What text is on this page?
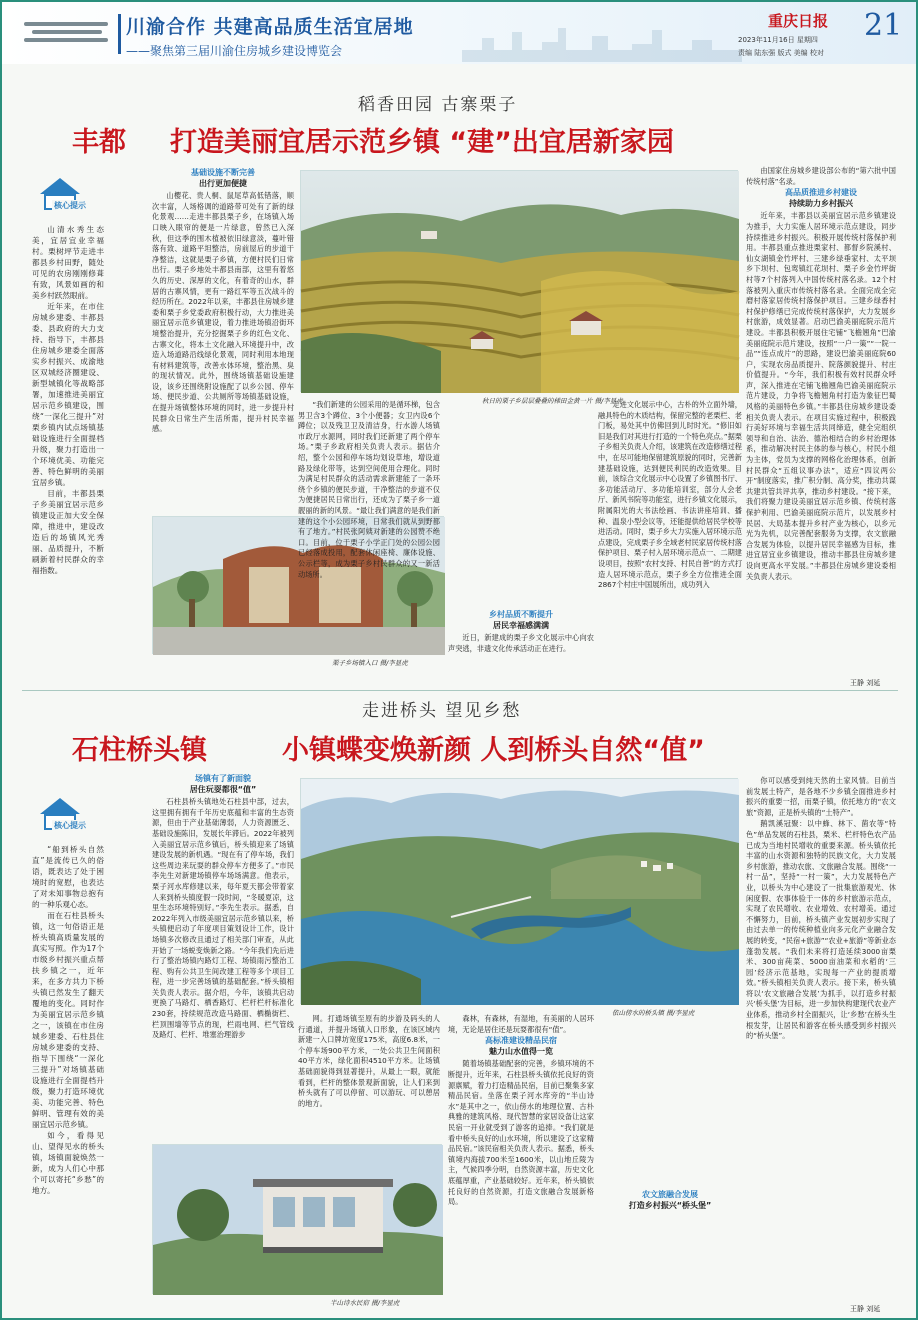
川渝合作 共建高品质生活宜居地
——聚焦第三届川渝住房城乡建设博览会
重庆日报 21
2023年11月16日 星期四
责编 陆东强 版式 美编 校对
稻香田园 古寨栗子
丰都 打造美丽宜居示范乡镇 “建”出宜居新家园
核心提示

山清水秀生态美，宜居宜业幸福村。栗树坪节走进丰都县乡村田野，随处可见的农房刚刚修葺有致，风景如画的和美乡村跃然眼前。

近年来，在市住房城乡建委、丰都县委、县政府的大力支持、指导下，丰都县住房城乡建委全面落实乡村振兴、成渝地区双城经济圈建设、新型城镇化等战略部署，加速推进美丽宜居示范乡镇建设，围绕“一深化三提升”对栗乡镇内试点场镇基础设施进行全面提档升级，聚力打造出一个环境优美、功能完善、特色鲜明的美丽宜居乡镇。

目前，丰都县栗子乡美丽宜居示范乡镇建设正加大安全保障，推进中，建设改造后的场镇风光秀丽、品质提升，不断刷新着村民群众的幸福指数。

基础设施不断完善
出行更加便捷

山樱花、贵人桐、鼠尾草高低错落，顺次丰富，人场格调的道路带可处有了新的绿化景观……走进丰都县栗子乡，在场镇入场口映入眼帘的便是一片绿意，曾然已入深秋，但这季的围木植被依旧绿意淡，蔓叶错落有致、道路平坦整洁，房前屋后的步道干净整洁，这就是栗子乡镇，方便村民们日常出行。栗子乡地处丰都县南部，这里有着悠久的历史、深厚的文化，有着奇的山水，群居的古寨风情，更有一路红军等五次战斗的经历所在。2022年以来，丰都县住房城乡建委和栗子乡党委政府积极行动，大力推进美丽宜居示范乡镇建设，着力推进场镇沿街环境整治提升，充分挖掘栗子乡的红色文化、古寨文化，将本土文化融入环境提升中，改造入场道路沿线绿化景观，同时利用本地现有材料建筑等，改善水体环境，整治黑、臭的现状情况。此外，围绕场镇基础设施建设，该乡还围绕附设施配了以乡公园、停车场、便民步道、公共厕所等场镇基础设施，在提升场镇整体环境的同时，进一步提升村民群众日常生产生活所需，提升村民幸福感。

秋日的栗子乡层层叠叠的梯田金黄一片 摄/李显虎
栗子乡场镇入口 摄/李显虎

“我们新建的公园采用的是循环梯，包含男卫含3个蹲位、3个小便器；女卫内设6个蹲位；以及残卫卫及清洁身，行水游人场镇市政厅水源网，同时我们还新建了两个停车场。”栗子乡政府相关负责人表示。据估介绍，整个公园和停车场均划设草地，增设道路及绿化带等，达到空间使用合理化。同时为满足村民群众的活动需求新建能了一条环绕个乡镇的便民步道，干净整洁的步道不仅为便捷居民日常出行，还成为了栗子乡一道靓丽的新的风景。“最让我们满意的是我们新建的这个小公园环境，日常我们就从到野都有了地方。”村民张阿姨对新建的公园赞不绝口。目前，位于栗子小学正门处的公园公园已经落成投用，配套休闲座椅、廉体设施、公示栏等，成为栗子乡村民群众的又一新活动场所。

乡村品质不断提升
居民幸福感满满

近日，新建成的栗子乡文化展示中心向农声突逃，非遗文化传承活动正在进行。

走进文化展示中心，古朴的外立面外墙，融具特色的木质结构，保留完整的老栗栏、老门板，易处其中仿佛回到儿时时光。“修旧如旧是我们对其进行打造的一个特色亮点。”据栗子乡相关负责人介绍，该建筑在改造修缮过程中，在尽可能地保留建筑原貌的同时，完善新建基础设施，达到便民利民的改造效果。目前，该综合文化展示中心设置了乡镇图书厅、多功能活动厅、多功能培训室，部分人会老厅、新风书院等功能室，进行乡镇文化展示，附属阳光的大书法绘画、书法讲座培训、播种、温泉小型会议等，还能提供给居民学校等进活动。同时，栗子乡大力实施入居环境示范点建设，完成栗子乡全域老村民家居传统村落保护项目、栗子村入居环境示范点一、二期建设项目，按照“农村支持、村民自善”的方式打造人居环境示范点，栗子乡全方位推进全面2867个村庄中国展所出，成功列入

由国家住房城乡建设部公布的“第六批中国传统村落”名录。

高品质推进乡村建设
持续助力乡村振兴

近年来，丰都县以美丽宜居示范乡镇建设为推手，大力实施人居环境示范点建设，同步持续推进乡村振兴。积极开展传统村落保护利用。丰都县重点推进栗家村、都督乡院溪村、仙女湖镇金竹坪村、三建乡绿垂家村、太平坝乡下坝村、包鸾镇红花坝村、栗子乡金竹坪街村等7个村落列入中国传统村落名录。12个村落被列入重庆市传统村落名录。全面完成全完磨村落家居传统村落保护项目。三建乡绿香村村保护修缮已完成传统村落保护，大力发展乡村旅游，成效显著。启动巴渝美丽庭院示范片建设。丰都县积极开展住宅铺“飞檐翘角”巴渝美丽庭院示范片建设，按照“一户一策”“一院一品”“连点成片”的思路，建设巴渝美丽庭院60户，实现农房品质提升、院落颜貌提升、村庄价值提升。“今年，我们积极有效村民群众呼声，深入推进在宅铺飞檐翘角巴渝美丽庭院示范片建设，力争将飞檐翘角村打造为象征巴蜀风格的美丽特色乡镇。”丰都县住房城乡建设委相关负责人表示。在项目实施过程中，积极践行美好环境与幸福生活共同缔造，健全完组织领导和自治、法治、德治相结合的乡村治理体系，推动解决村民主体的参与核心，村民小组为主体，党员为支撑的网格化治理体系，创新村民群众“五组议事办法”，适应“四议两公开”制度落实，推广积分制、高分奖，推动共谋共建共管共评共享，推动乡村建设。“接下来，我们将聚力建设美丽宜居示范乡镇、传统村落保护利用、巴渝美丽庭院示范片，以发展乡村民居、大局基本提升乡村产业为核心，以乡元光为先机，以完善配套服务为支撑，农文旅融合发展为体验，以提升居民幸福感为目标，推进宜居宜业乡镇建设，推动丰都县住房城乡建设向更高水平发展。”丰都县住房城乡建设委相关负责人表示。

王静 刘延
走进桥头 望见乡愁
石柱桥头镇	小镇蝶变焕新颜 人到桥头自然“值”
核心提示

“船到桥头自然直”是流传已久的俗语，既表达了处于困境时的宽慰，也表达了对未知事物总抱有的一种乐观心态。

而在石柱县桥头镇，这一句俗语正是桥头镇高质量发展的真实写照。作为17个市级乡村振兴重点帮扶乡镇之一，近年来，在多方共力下桥头镇已然发生了翻天覆地的变化。同时作为美丽宜居示范乡镇之一，该镇在市住房城乡建委、石柱县住房城乡建委的支持、指导下围绕“一深化三提升”对场镇基础设施进行全面提档升级，聚力打造环境优美、功能完善、特色鲜明、管理有效的美丽宜居示范乡镇。

如今，看得见山、望得见水的桥头镇，场镇面貌焕然一新，成为人们心中那个可以寄托“乡愁”的地方。

场镇有了新面貌
居住玩耍都很“值”

石柱县桥头镇地处石柱县中部，过去，这里拥有拥有千年历史底蕴和丰富的生态资源，但由于产业基础薄弱，人力资源匮乏、基础设施陈旧，发展长年滞后。2022年被列入美丽宜居示范乡镇后，桥头镇迎来了场镇建设发展的新机遇。“现在有了停车场，我们这些周边来玩耍的群众停车方便多了。”市民李先生对新建场镇停车场场满意。他表示，栗子河水库修建以来，每年夏天都会带着家人来到桥头镇度假一段时间，“冬暖夏凉，这里生态环境特别好。”李先生表示。据悉，自2022年列入市级美丽宜居示范乡镇以来，桥头镇便启动了年度项目策划设计工作，设计场镇多次修改且通过了相关部门审查，从此开始了一场蜕变焕新之路。“今年我们先后进行了整治场镇内路灯工程、场镇雨污整治工程、购有公共卫生间改建工程等多个项目工程，进一步完善场镇的基础配套。”桥头镇相关负责人表示。据介绍，今年，该镇共启动更换了马路灯、栖香路灯、栏杆栏杆标准化230套，持续规范改造马路面、栖椭街栏、栏顶围墙等节点的现，栏雨电网、栏气管线及路灯、栏杆、堆塞治理游步

依山傍水的桥头镇 摄/李显虎

网。打通场镇至原有的步游及码头的人行通道，并提升场镇入口形象，在该区域内新建一入口牌坊宽度175米，高度6.8米，一个停车场900平方米，一处公共卫生间面积40平方米，绿化面积4510平方米。让场镇基础面貌得到显著提升，从最上一眼，就能看到，栏杆的整体景观新面貌，让人们来到桥头就有了可以停留、可以游玩、可以憩居的地方。

半山诗水民宿 摄/李显虎

森林，有森林，有湿地，有美丽的人居环境，无论是居住还是玩耍都很有“值”。

高标准建设精品民宿
魅力山水值得一览

随着场镇基础配套的完善，乡镇环境的不断提升，近年来，石柱县桥头镇依托良好的资源禀赋，着力打造精品民宿，目前已聚集多家精品民宿。坐落在栗子河水库旁的“半山诗水”是其中之一，依山傍水的地理位置、古朴典雅的建筑风格、现代智慧的家居设备让这家民宿一开业就受到了游客的追捧。“我们就是看中桥头良好的山水环境，所以建设了这家精品民宿。”该民宿相关负责人表示。据悉，桥头镇境内海拔700米至1600米，以山地丘陵为主，气候四季分明，自然资源丰富，历史文化底蕴厚重，产业基础较好。近年来，桥头镇依托良好的自然资源，打造文旅融合发展新格局。

农文旅融合发展
打造乡村振兴“桥头堡”

你可以感受到纯天然的土家风情。目前当前发展土特产，是各地不少乡镇全面推进乡村振兴的重要一招，而栗子镇，依托地方的“农文旅”资源，正是桥头镇的“土特产”。

鹅凯溪冠聚：以中蜂、林下、菌农等“特色”单品发展的石柱县，栗米、栏杆特色农产品已成为当地村民增收的重要来源。桥头镇依托丰富的山水资源和独特的民族文化，大力发展乡村旅游，推动农旅、文旅融合发展。围绕“一村一品”，坚持“一村一策”，大力发展特色产业，以桥头为中心建设了一批集旅游观光、休闲度假、农事体验于一体的乡村旅游示范点，实现了农民增收、农业增效、农村增美。通过不懈努力，目前，桥头镇产业发展初步实现了由过去单一的传统种植业向多元化产业融合发展的转变，“民宿+旅游”“农业+旅游”等新业态蓬勃发展。“我们未来将打造延续3000亩栗米、300亩莼菜、5000亩油菜和水稻的‘三园’经济示范基地，实现每一产业的提质增效。”桥头镇相关负责人表示。接下来，桥头镇将以‘农文旅融合发展’为抓手，以打造乡村振兴‘桥头堡’为目标，进一步加快构建现代农业产业体系，推动乡村全面振兴，让‘乡愁’在桥头生根发芽，让居民和游客在桥头感受到乡村振兴的“桥头堡”。

王静 刘延
